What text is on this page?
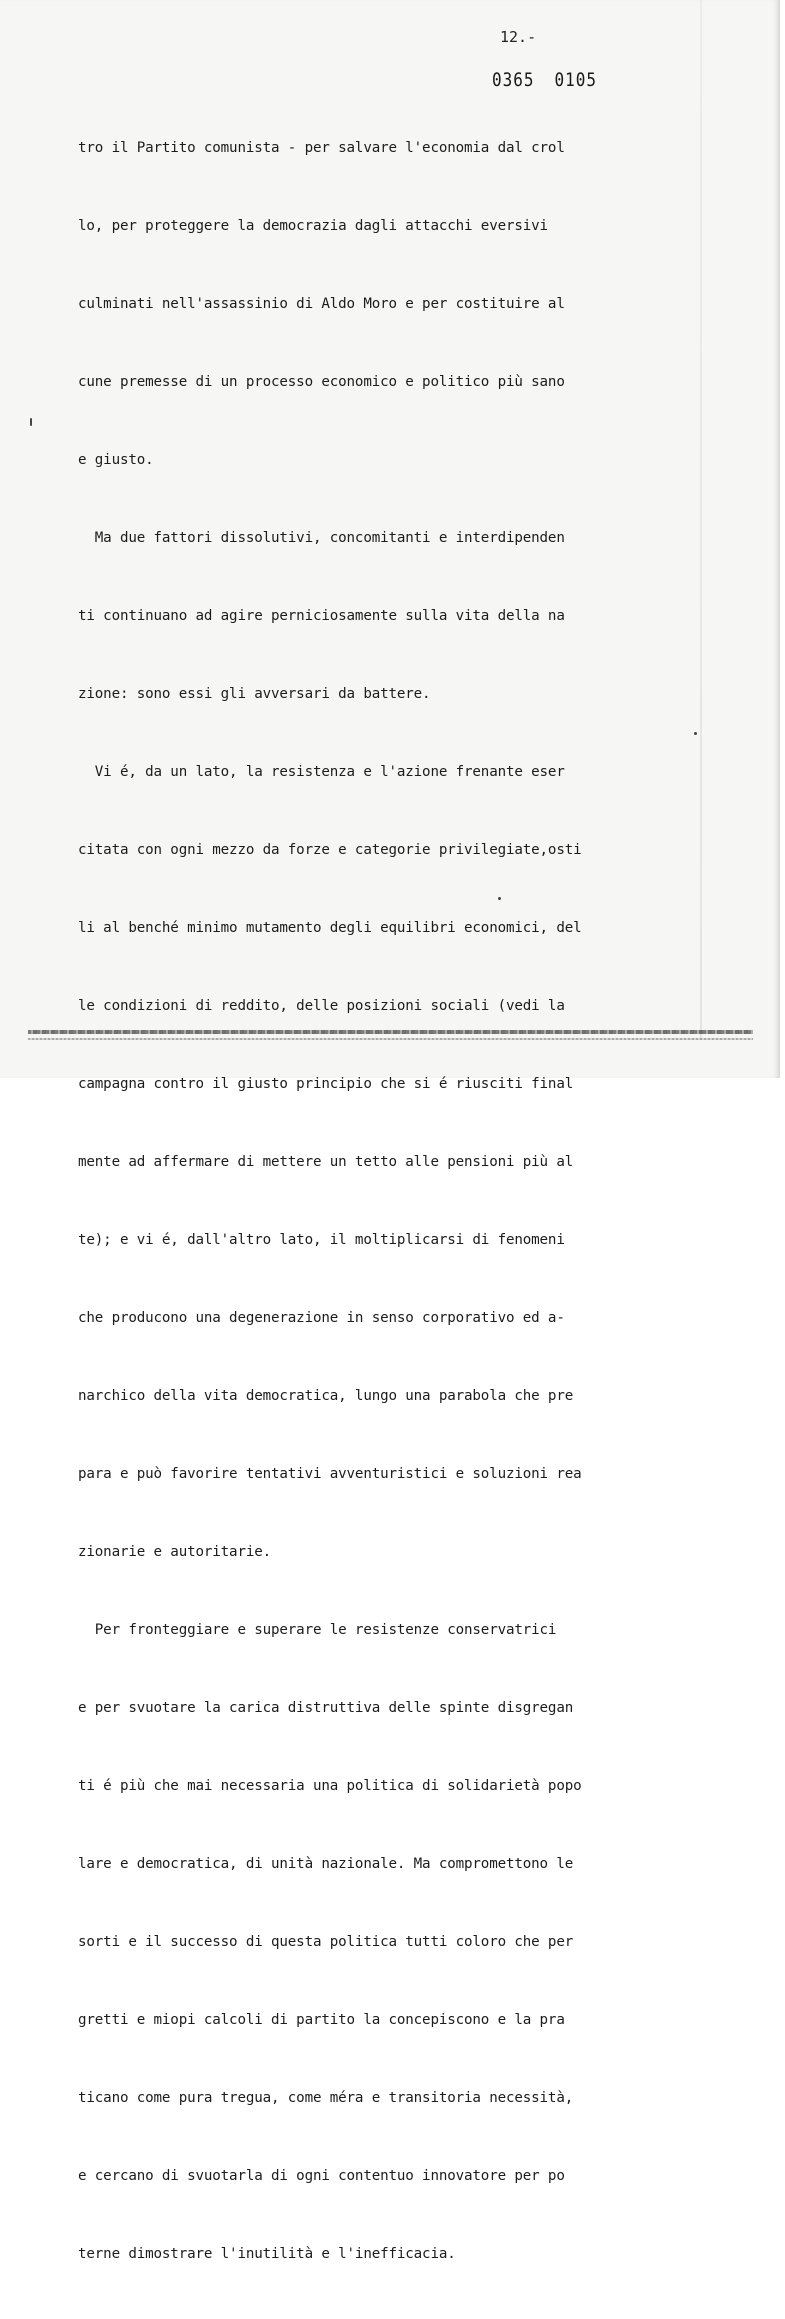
12.-
0365 0105

tro il Partito comunista - per salvare l'economia dal crol

lo, per proteggere la democrazia dagli attacchi eversivi

culminati nell'assassinio di Aldo Moro e per costituire al

cune premesse di un processo economico e politico più sano

e giusto.

Ma due fattori dissolutivi, concomitanti e interdipenden

ti continuano ad agire perniciosamente sulla vita della na

zione: sono essi gli avversari da battere.

Vi é, da un lato, la resistenza e l'azione frenante eser

citata con ogni mezzo da forze e categorie privilegiate,osti

li al benché minimo mutamento degli equilibri economici, del

le condizioni di reddito, delle posizioni sociali (vedi la

campagna contro il giusto principio che si é riusciti final

mente ad affermare di mettere un tetto alle pensioni più al

te); e vi é, dall'altro lato, il moltiplicarsi di fenomeni

che producono una degenerazione in senso corporativo ed a-

narchico della vita democratica, lungo una parabola che pre

para e può favorire tentativi avventuristici e soluzioni rea

zionarie e autoritarie.

Per fronteggiare e superare le resistenze conservatrici

e per svuotare la carica distruttiva delle spinte disgregan

ti é più che mai necessaria una politica di solidarietà popo

lare e democratica, di unità nazionale. Ma compromettono le

sorti e il successo di questa politica tutti coloro che per

gretti e miopi calcoli di partito la concepiscono e la pra

ticano come pura tregua, come méra e transitoria necessità,

e cercano di svuotarla di ogni contentuo innovatore per po

terne dimostrare l'inutilità e l'inefficacia.
